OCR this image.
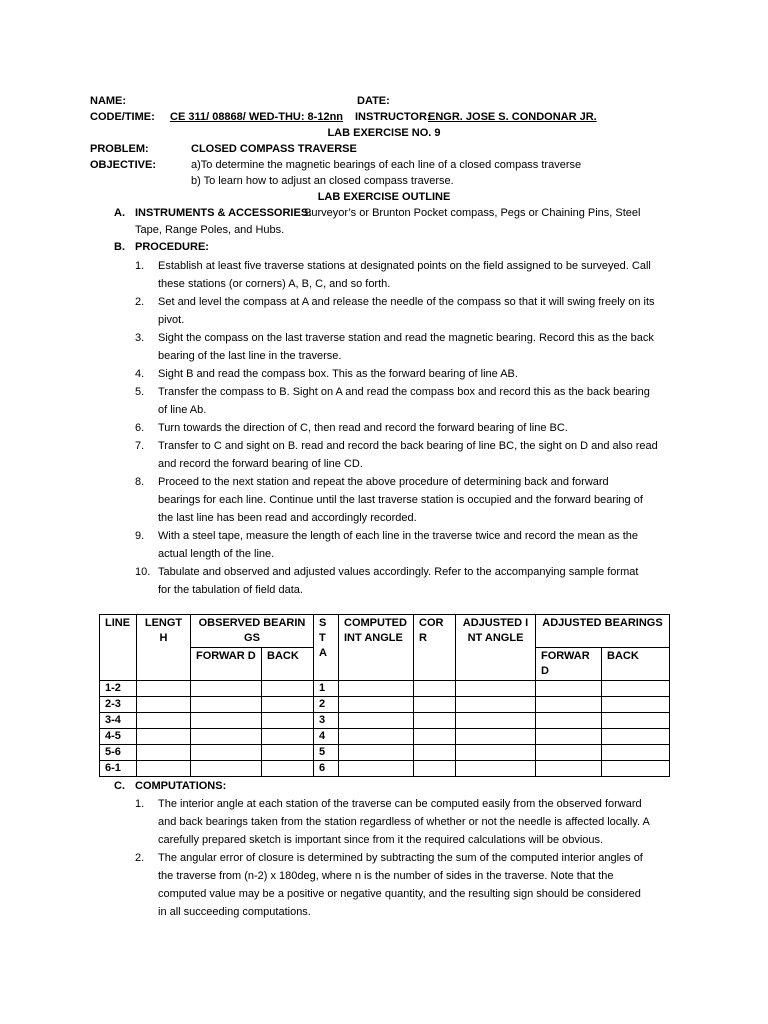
NAME:	DATE:
CODE/TIME: CE 311/ 08868/ WED-THU: 8-12nn INSTRUCTOR:
ENGR. JOSE S. CONDONAR JR.
LAB EXERCISE NO. 9
PROBLEM:	CLOSED COMPASS TRAVERSE
OBJECTIVE:	a)To determine the magnetic bearings of each line of a closed compass traverse
b) To learn how to adjust an closed compass traverse.
LAB EXERCISE OUTLINE
A. INSTRUMENTS & ACCESSORIES:
Surveyor’s or Brunton Pocket compass, Pegs or Chaining Pins, Steel
Tape, Range Poles, and Hubs.
B. PROCEDURE:
1. Establish at least five traverse stations at designated points on the field assigned to be surveyed. Call
these stations (or corners) A, B, C, and so forth.
2. Set and level the compass at A and release the needle of the compass so that it will swing freely on its
pivot.
3. Sight the compass on the last traverse station and read the magnetic bearing. Record this as the back
bearing of the last line in the traverse.
4. Sight B and read the compass box. This as the forward bearing of line AB.
5. Transfer the compass to B. Sight on A and read the compass box and record this as the back bearing
of line Ab.
6. Turn towards the direction of C, then read and record the forward bearing of line BC.
7. Transfer to C and sight on B. read and record the back bearing of line BC, the sight on D and also read
and record the forward bearing of line CD.
8. Proceed to the next station and repeat the above procedure of determining back and forward
bearings for each line. Continue until the last traverse station is occupied and the forward bearing of
the last line has been read and accordingly recorded.
9. With a steel tape, measure the length of each line in the traverse twice and record the mean as the
actual length of the line.
10. Tabulate and observed and adjusted values accordingly. Refer to the accompanying sample format
for the tabulation of field data.
LINE	LENGT H	OBSERVED BEARINGS		ST A	COMPUTED INT ANGLE	CORR	ADJUSTED INT ANGLE	ADJUSTED BEARINGS	
		FORWAR D	BACK					FORWAR D	BACK
1-2				1					
2-3				2					
3-4				3					
4-5				4					
5-6				5					
6-1				6					
C. COMPUTATIONS:
1. The interior angle at each station of the traverse can be computed easily from the observed forward
and back bearings taken from the station regardless of whether or not the needle is affected locally. A
carefully prepared sketch is important since from it the required calculations will be obvious.
2. The angular error of closure is determined by subtracting the sum of the computed interior angles of
the traverse from (n-2) x 180deg, where n is the number of sides in the traverse. Note that the
computed value may be a positive or negative quantity, and the resulting sign should be considered
in all succeeding computations.
